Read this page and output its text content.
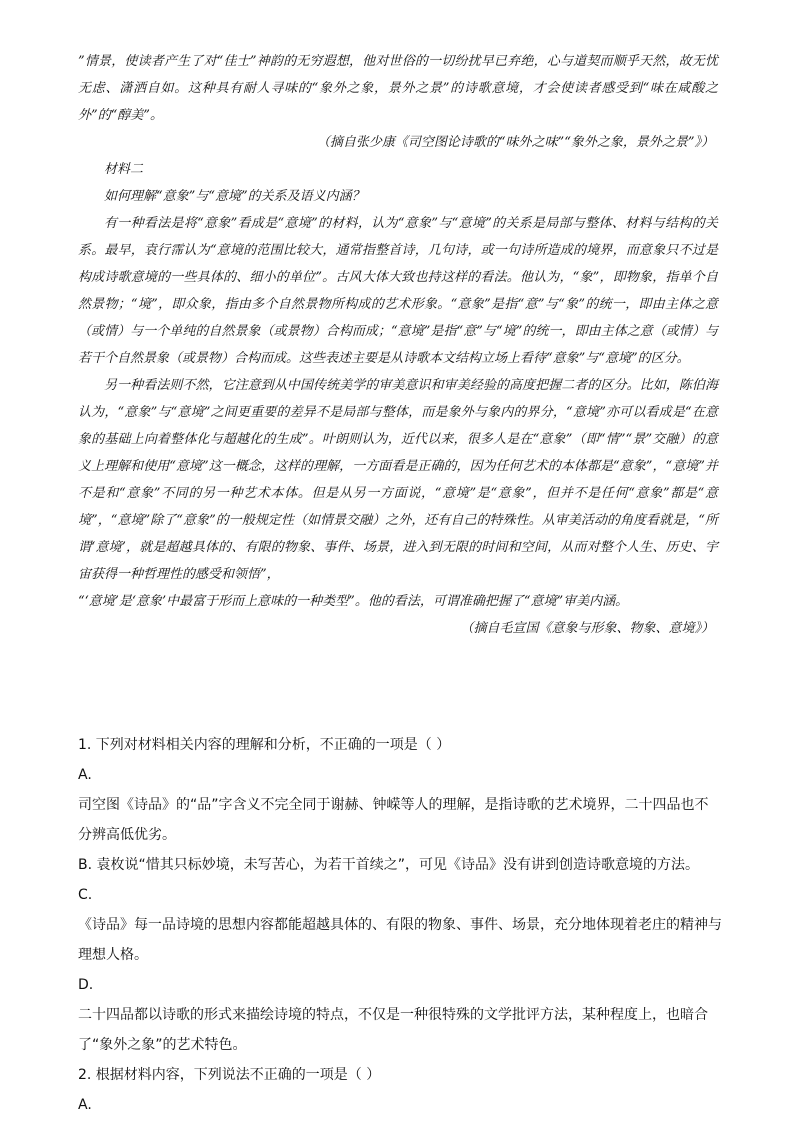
”情景，使读者产生了对“佳士”神韵的无穷遐想，他对世俗的一切纷扰早已弃绝，心与道契而顺乎天然，故无忧无虑、潇洒自如。这种具有耐人寻味的“象外之象，景外之景”的诗歌意境，才会使读者感受到“味在咸酸之外”的“醇美”。

（摘自张少康《司空图论诗歌的“味外之味”“象外之象，景外之景”》）

材料二

如何理解“意象”与“意境”的关系及语义内涵？

有一种看法是将“意象”看成是“意境”的材料，认为“意象”与“意境”的关系是局部与整体、材料与结构的关系。最早，袁行霈认为“意境的范围比较大，通常指整首诗，几句诗，或一句诗所造成的境界，而意象只不过是构成诗歌意境的一些具体的、细小的单位”。古风大体大致也持这样的看法。他认为，“象”，即物象，指单个自然景物；“境”，即众象，指由多个自然景物所构成的艺术形象。“意象”是指“意”与“象”的统一，即由主体之意（或情）与一个单纯的自然景象（或景物）合构而成；“意境”是指“意”与“境”的统一，即由主体之意（或情）与若干个自然景象（或景物）合构而成。这些表述主要是从诗歌本文结构立场上看待“意象”与“意境”的区分。

另一种看法则不然，它注意到从中国传统美学的审美意识和审美经验的高度把握二者的区分。比如，陈伯海认为，“意象”与“意境”之间更重要的差异不是局部与整体，而是象外与象内的界分，“意境”亦可以看成是“在意象的基础上向着整体化与超越化的生成”。叶朗则认为，近代以来，很多人是在“意象”（即“情”“景”交融）的意义上理解和使用“意境”这一概念，这样的理解，一方面看是正确的，因为任何艺术的本体都是“意象”，“意境”并不是和“意象”不同的另一种艺术本体。但是从另一方面说，“意境”是“意象”，但并不是任何“意象”都是“意境”，“意境”除了“意象”的一般规定性（如情景交融）之外，还有自己的特殊性。从审美活动的角度看就是，“所谓‘意境’，就是超越具体的、有限的物象、事件、场景，进入到无限的时间和空间，从而对整个人生、历史、宇宙获得一种哲理性的感受和领悟”，

“‘意境’是‘意象’中最富于形而上意味的一种类型”。他的看法，可谓准确把握了“意境”审美内涵。

（摘自毛宣国《意象与形象、物象、意境》）

1. 下列对材料相关内容的理解和分析，不正确的一项是（ ）

A.

司空图《诗品》的“品”字含义不完全同于谢赫、钟嵘等人的理解，是指诗歌的艺术境界，二十四品也不分辨高低优劣。

B. 袁枚说“惜其只标妙境，未写苦心，为若干首续之”，可见《诗品》没有讲到创造诗歌意境的方法。

C.

《诗品》每一品诗境的思想内容都能超越具体的、有限的物象、事件、场景，充分地体现着老庄的精神与理想人格。

D.

二十四品都以诗歌的形式来描绘诗境的特点，不仅是一种很特殊的文学批评方法，某种程度上，也暗合了“象外之象”的艺术特色。

2. 根据材料内容，下列说法不正确的一项是（ ）

A.
